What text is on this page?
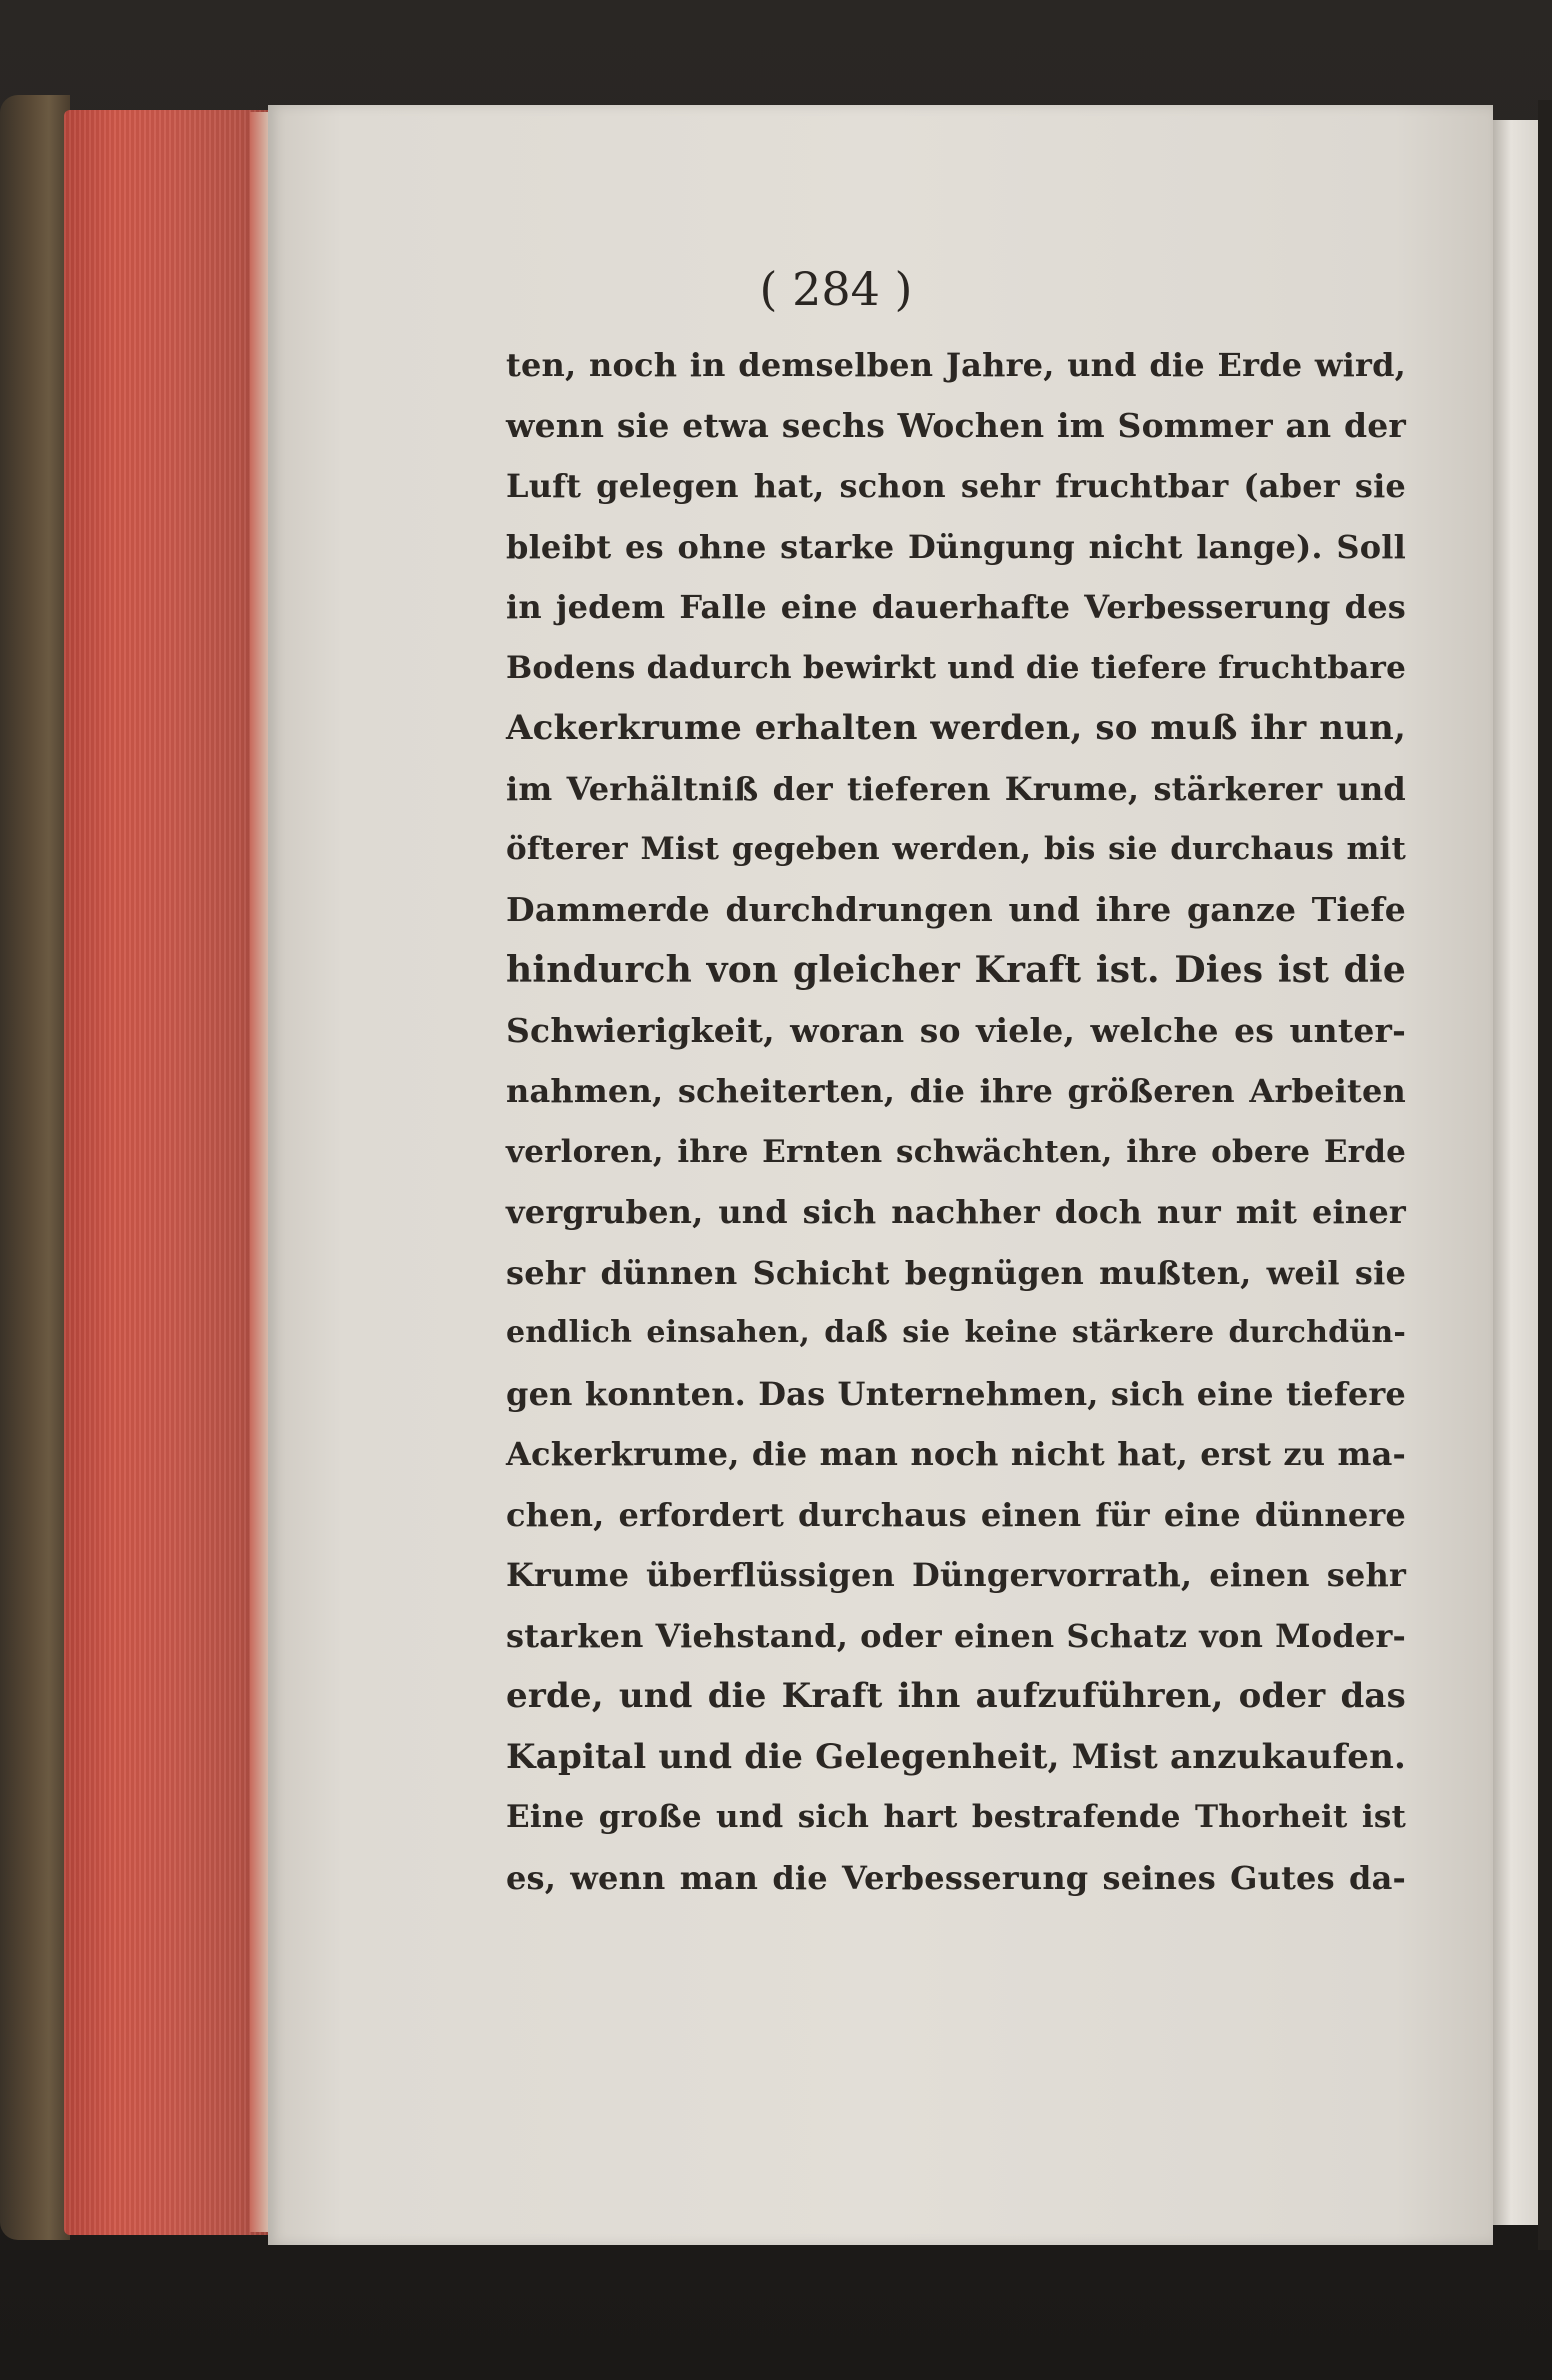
( 284 )
ten, noch in demselben Jahre, und die Erde wird,
wenn sie etwa sechs Wochen im Sommer an der
Luft gelegen hat, schon sehr fruchtbar (aber sie
bleibt es ohne starke Düngung nicht lange). Soll
in jedem Falle eine dauerhafte Verbesserung des
Bodens dadurch bewirkt und die tiefere fruchtbare
Ackerkrume erhalten werden, so muß ihr nun,
im Verhältniß der tieferen Krume, stärkerer und
öfterer Mist gegeben werden, bis sie durchaus mit
Dammerde durchdrungen und ihre ganze Tiefe
hindurch von gleicher Kraft ist. Dies ist die
Schwierigkeit, woran so viele, welche es unter-
nahmen, scheiterten, die ihre größeren Arbeiten
verloren, ihre Ernten schwächten, ihre obere Erde
vergruben, und sich nachher doch nur mit einer
sehr dünnen Schicht begnügen mußten, weil sie
endlich einsahen, daß sie keine stärkere durchdün-
gen konnten. Das Unternehmen, sich eine tiefere
Ackerkrume, die man noch nicht hat, erst zu ma-
chen, erfordert durchaus einen für eine dünnere
Krume überflüssigen Düngervorrath, einen sehr
starken Viehstand, oder einen Schatz von Moder-
erde, und die Kraft ihn aufzuführen, oder das
Kapital und die Gelegenheit, Mist anzukaufen.
Eine große und sich hart bestrafende Thorheit ist
es, wenn man die Verbesserung seines Gutes da-
